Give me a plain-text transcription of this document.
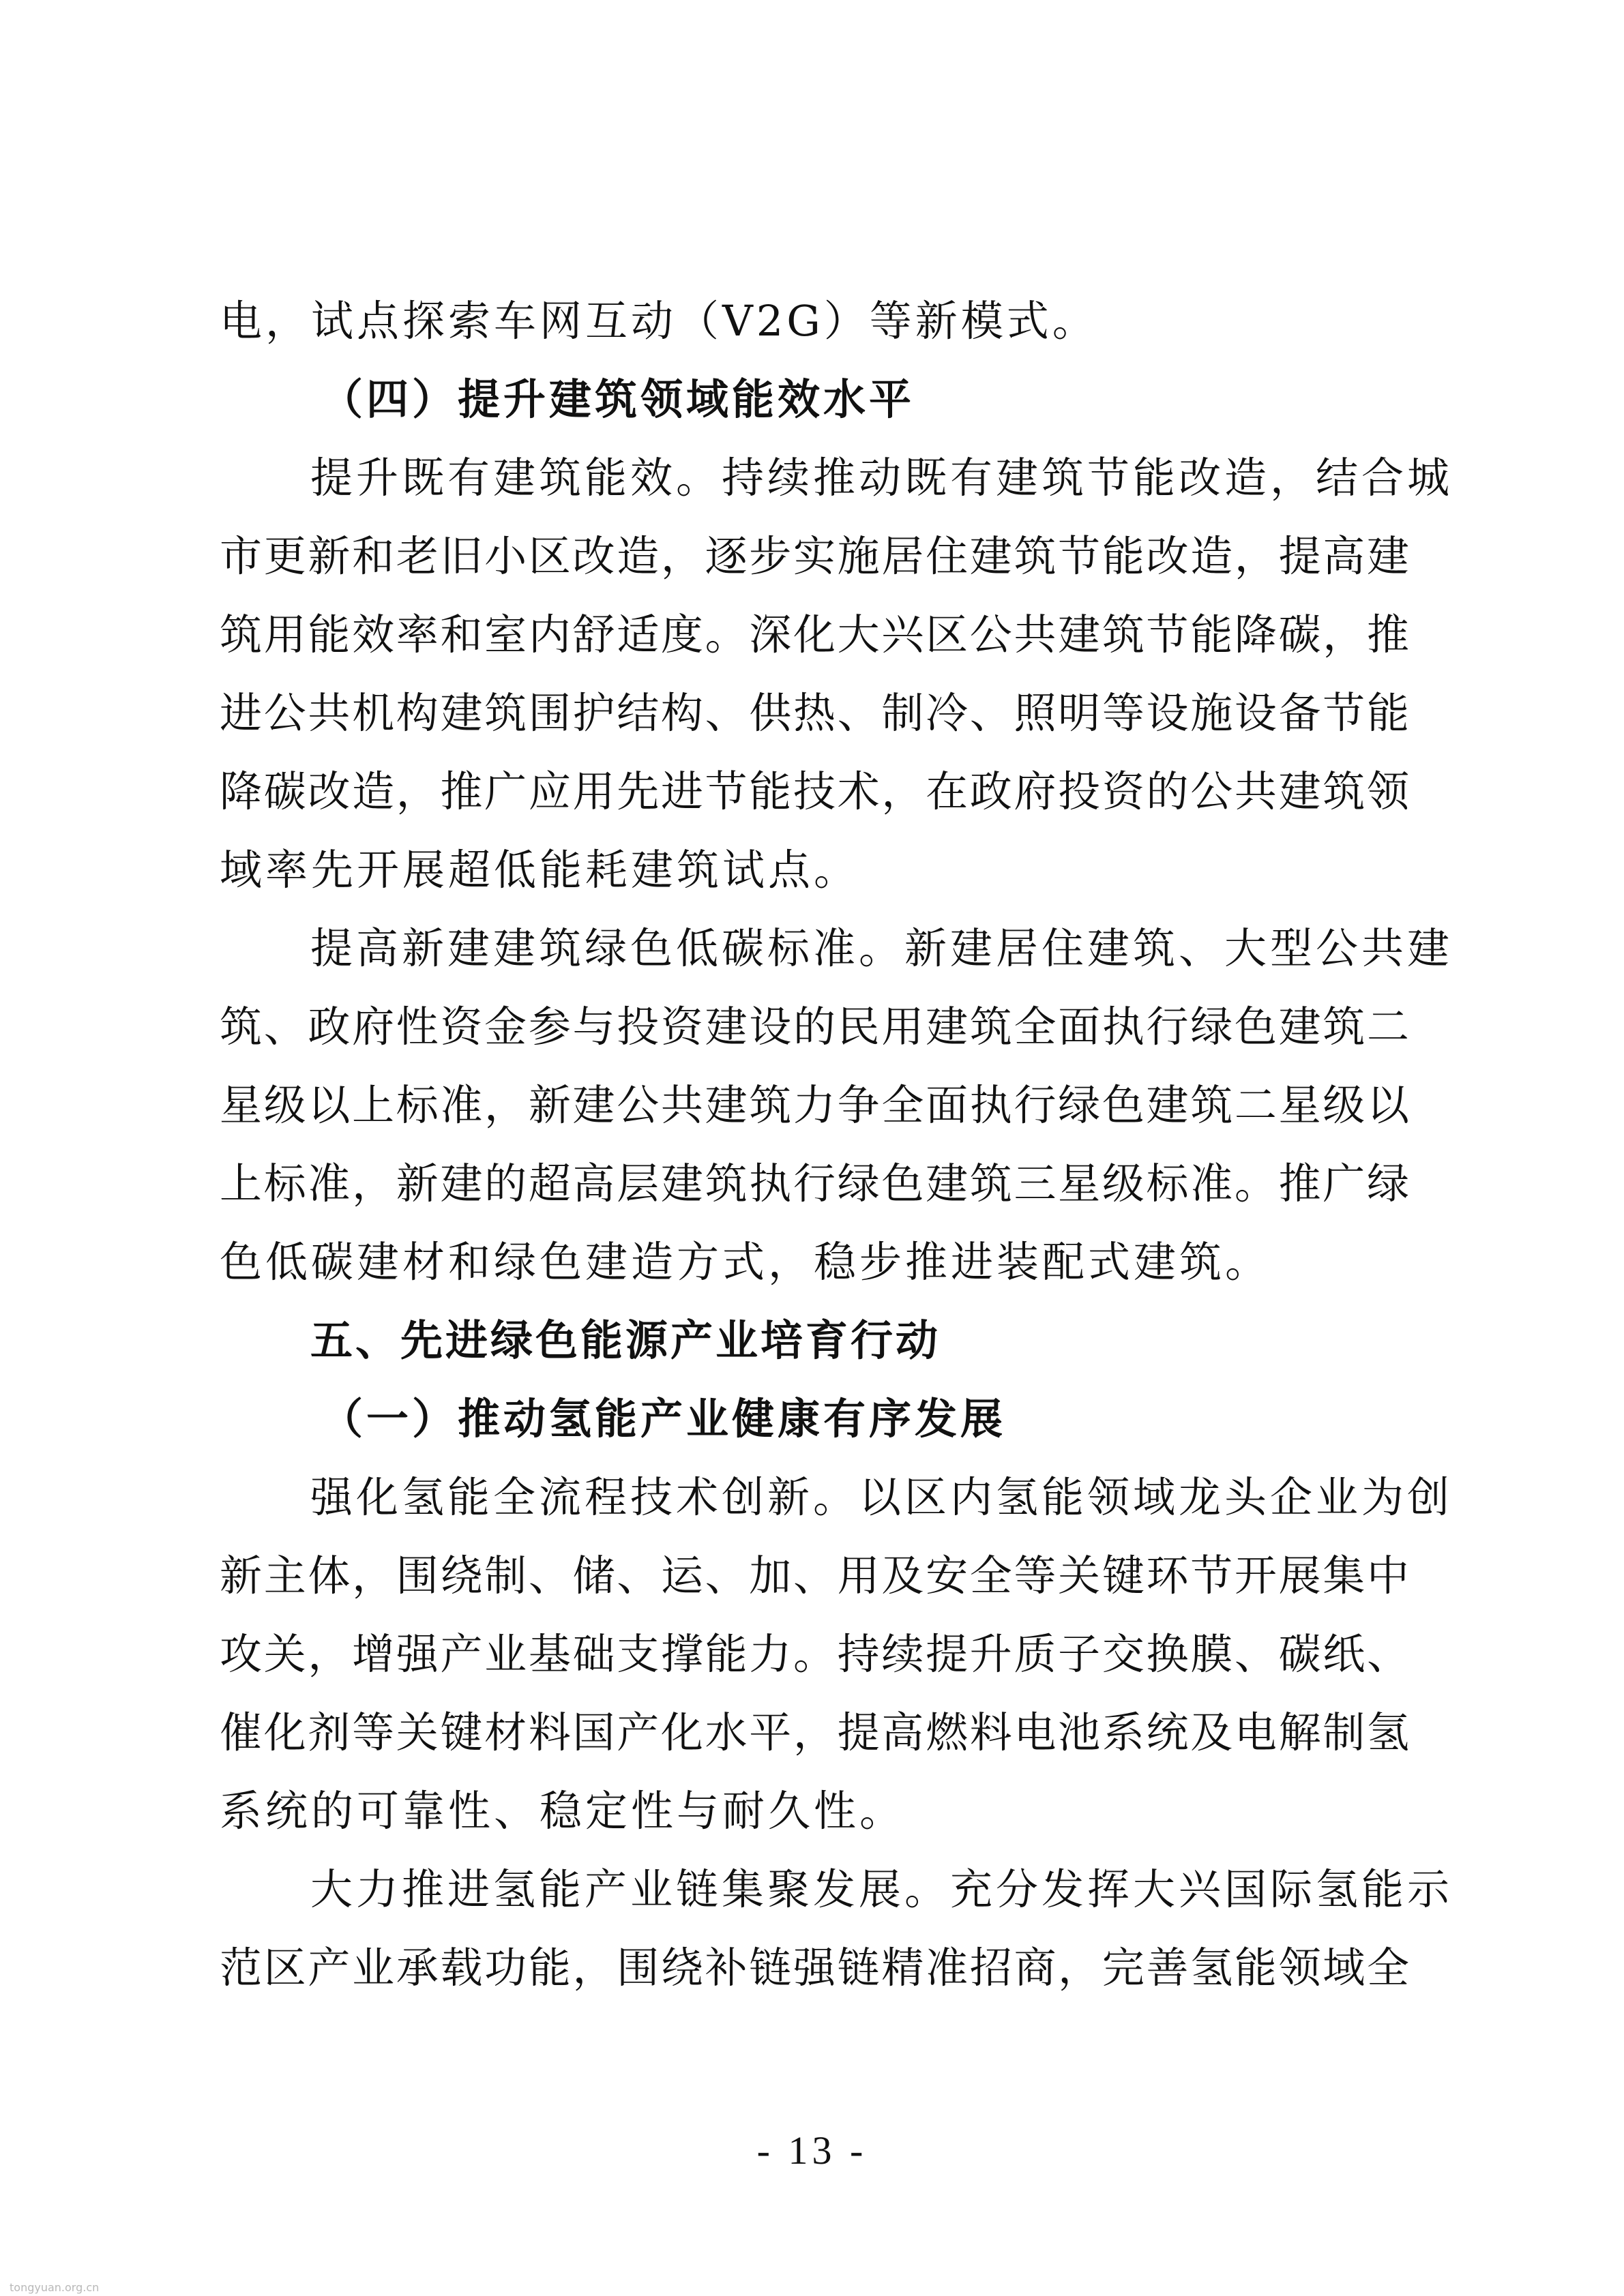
电，试点探索车网互动（V2G）等新模式。
（四）提升建筑领域能效水平
提升既有建筑能效。持续推动既有建筑节能改造，结合城
市更新和老旧小区改造，逐步实施居住建筑节能改造，提高建
筑用能效率和室内舒适度。深化大兴区公共建筑节能降碳，推
进公共机构建筑围护结构、供热、制冷、照明等设施设备节能
降碳改造，推广应用先进节能技术，在政府投资的公共建筑领
域率先开展超低能耗建筑试点。
提高新建建筑绿色低碳标准。新建居住建筑、大型公共建
筑、政府性资金参与投资建设的民用建筑全面执行绿色建筑二
星级以上标准，新建公共建筑力争全面执行绿色建筑二星级以
上标准，新建的超高层建筑执行绿色建筑三星级标准。推广绿
色低碳建材和绿色建造方式，稳步推进装配式建筑。
五、先进绿色能源产业培育行动
（一）推动氢能产业健康有序发展
强化氢能全流程技术创新。以区内氢能领域龙头企业为创
新主体，围绕制、储、运、加、用及安全等关键环节开展集中
攻关，增强产业基础支撑能力。持续提升质子交换膜、碳纸、
催化剂等关键材料国产化水平，提高燃料电池系统及电解制氢
系统的可靠性、稳定性与耐久性。
大力推进氢能产业链集聚发展。充分发挥大兴国际氢能示
范区产业承载功能，围绕补链强链精准招商，完善氢能领域全
- 13 -
tongyuan.org.cn
